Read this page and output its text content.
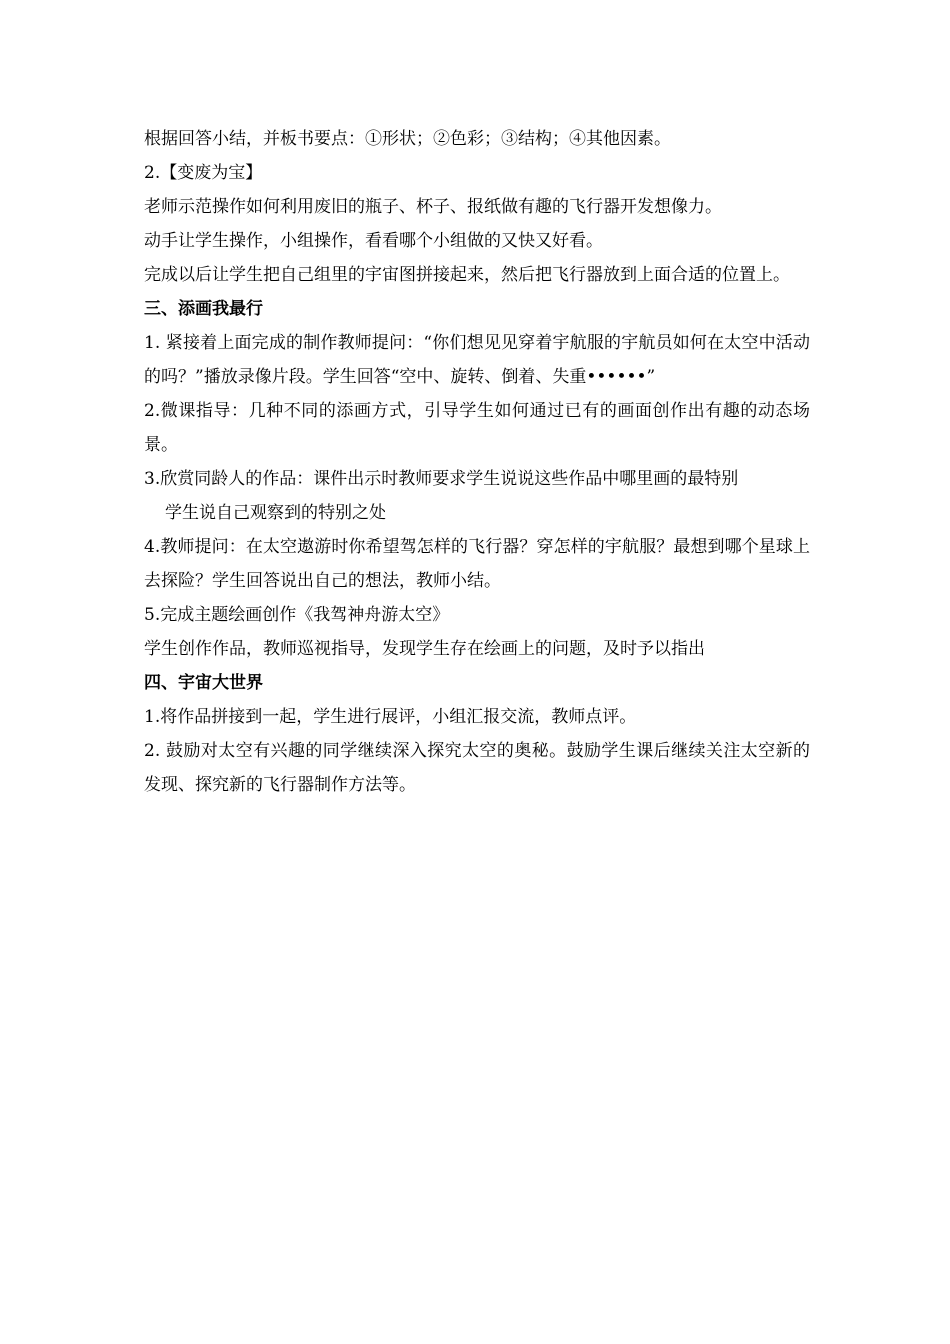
根据回答小结，并板书要点：①形状；②色彩；③结构；④其他因素。

2.【变废为宝】

老师示范操作如何利用废旧的瓶子、杯子、报纸做有趣的飞行器开发想像力。

动手让学生操作，小组操作，看看哪个小组做的又快又好看。

完成以后让学生把自己组里的宇宙图拼接起来，然后把飞行器放到上面合适的位置上。

三、添画我最行

1. 紧接着上面完成的制作教师提问：“你们想见见穿着宇航服的宇航员如何在太空中活动的吗？”播放录像片段。学生回答“空中、旋转、倒着、失重••••••”

2.微课指导：几种不同的添画方式，引导学生如何通过已有的画面创作出有趣的动态场景。

3.欣赏同龄人的作品：课件出示时教师要求学生说说这些作品中哪里画的最特别

学生说自己观察到的特别之处

4.教师提问：在太空遨游时你希望驾怎样的飞行器？穿怎样的宇航服？最想到哪个星球上去探险？学生回答说出自己的想法，教师小结。

5.完成主题绘画创作《我驾神舟游太空》

学生创作作品，教师巡视指导，发现学生存在绘画上的问题，及时予以指出

四、宇宙大世界

1.将作品拼接到一起，学生进行展评，小组汇报交流，教师点评。

2. 鼓励对太空有兴趣的同学继续深入探究太空的奥秘。鼓励学生课后继续关注太空新的发现、探究新的飞行器制作方法等。
